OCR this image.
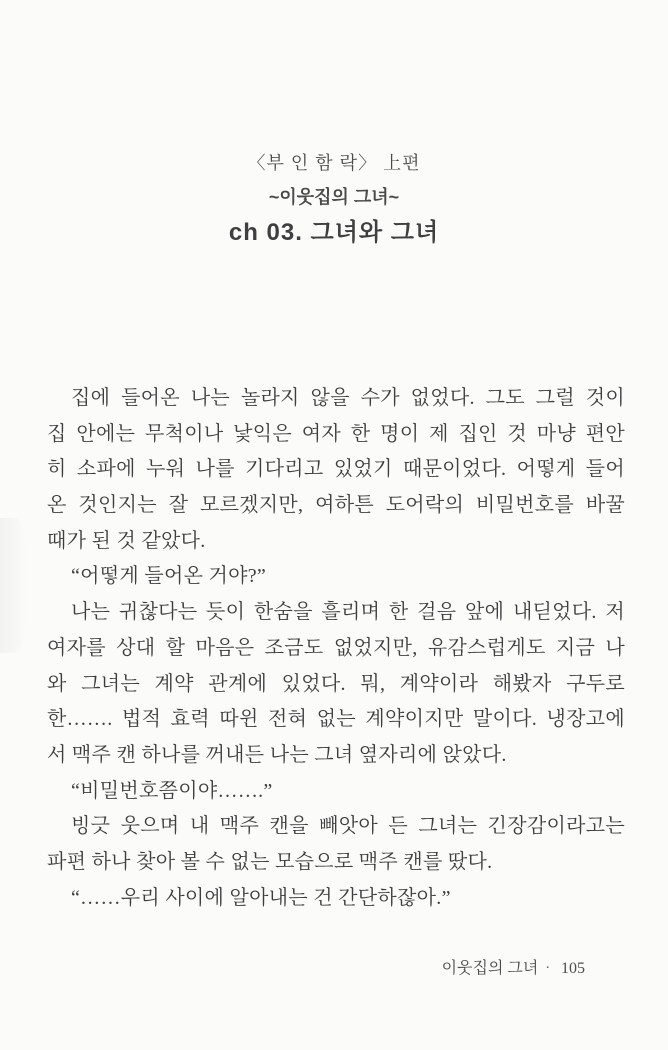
〈부 인 함 락〉 上편
~이웃집의 그녀~
ch 03. 그녀와 그녀
집에 들어온 나는 놀라지 않을 수가 없었다. 그도 그럴 것이
집 안에는 무척이나 낯익은 여자 한 명이 제 집인 것 마냥 편안
히 소파에 누워 나를 기다리고 있었기 때문이었다. 어떻게 들어
온 것인지는 잘 모르겠지만, 여하튼 도어락의 비밀번호를 바꿀
때가 된 것 같았다.
“어떻게 들어온 거야?”
나는 귀찮다는 듯이 한숨을 흘리며 한 걸음 앞에 내딛었다. 저
여자를 상대 할 마음은 조금도 없었지만, 유감스럽게도 지금 나
와 그녀는 계약 관계에 있었다. 뭐, 계약이라 해봤자 구두로
한……. 법적 효력 따윈 전혀 없는 계약이지만 말이다. 냉장고에
서 맥주 캔 하나를 꺼내든 나는 그녀 옆자리에 앉았다.
“비밀번호쯤이야…….”
빙긋 웃으며 내 맥주 캔을 빼앗아 든 그녀는 긴장감이라고는
파편 하나 찾아 볼 수 없는 모습으로 맥주 캔를 땄다.
“……우리 사이에 알아내는 건 간단하잖아.”
이웃집의 그녀 · 105
